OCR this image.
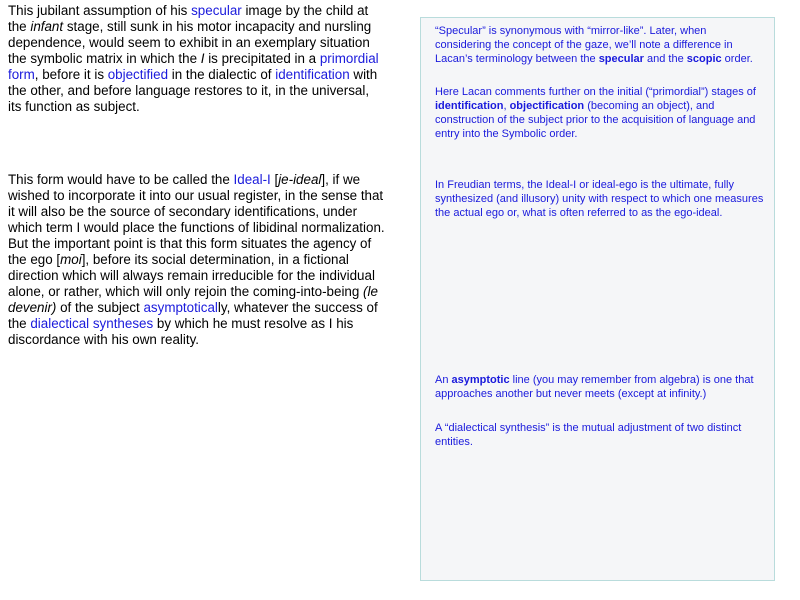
This jubilant assumption of his specular image by the child at the infant stage, still sunk in his motor incapacity and nursling dependence, would seem to exhibit in an exemplary situation the symbolic matrix in which the I is precipitated in a primordial form, before it is objectified in the dialectic of identification with the other, and before language restores to it, in the universal, its function as subject.

This form would have to be called the Ideal-I [je-ideal], if we wished to incorporate it into our usual register, in the sense that it will also be the source of secondary identifications, under which term I would place the functions of libidinal normalization. But the important point is that this form situates the agency of the ego [moi], before its social determination, in a fictional direction which will always remain irreducible for the individual alone, or rather, which will only rejoin the coming-into-being (le devenir) of the subject asymptotically, whatever the success of the dialectical syntheses by which he must resolve as I his discordance with his own reality.

“Specular” is synonymous with “mirror-like”. Later, when considering the concept of the gaze, we’ll note a difference in Lacan’s terminology between the specular and the scopic order.

Here Lacan comments further on the initial (“primordial”) stages of identification, objectification (becoming an object), and construction of the subject prior to the acquisition of language and entry into the Symbolic order.

In Freudian terms, the Ideal-I or ideal-ego is the ultimate, fully synthesized (and illusory) unity with respect to which one measures the actual ego or, what is often referred to as the ego-ideal.

An asymptotic line (you may remember from algebra) is one that approaches another but never meets (except at infinity.)

A “dialectical synthesis” is the mutual adjustment of two distinct entities.
